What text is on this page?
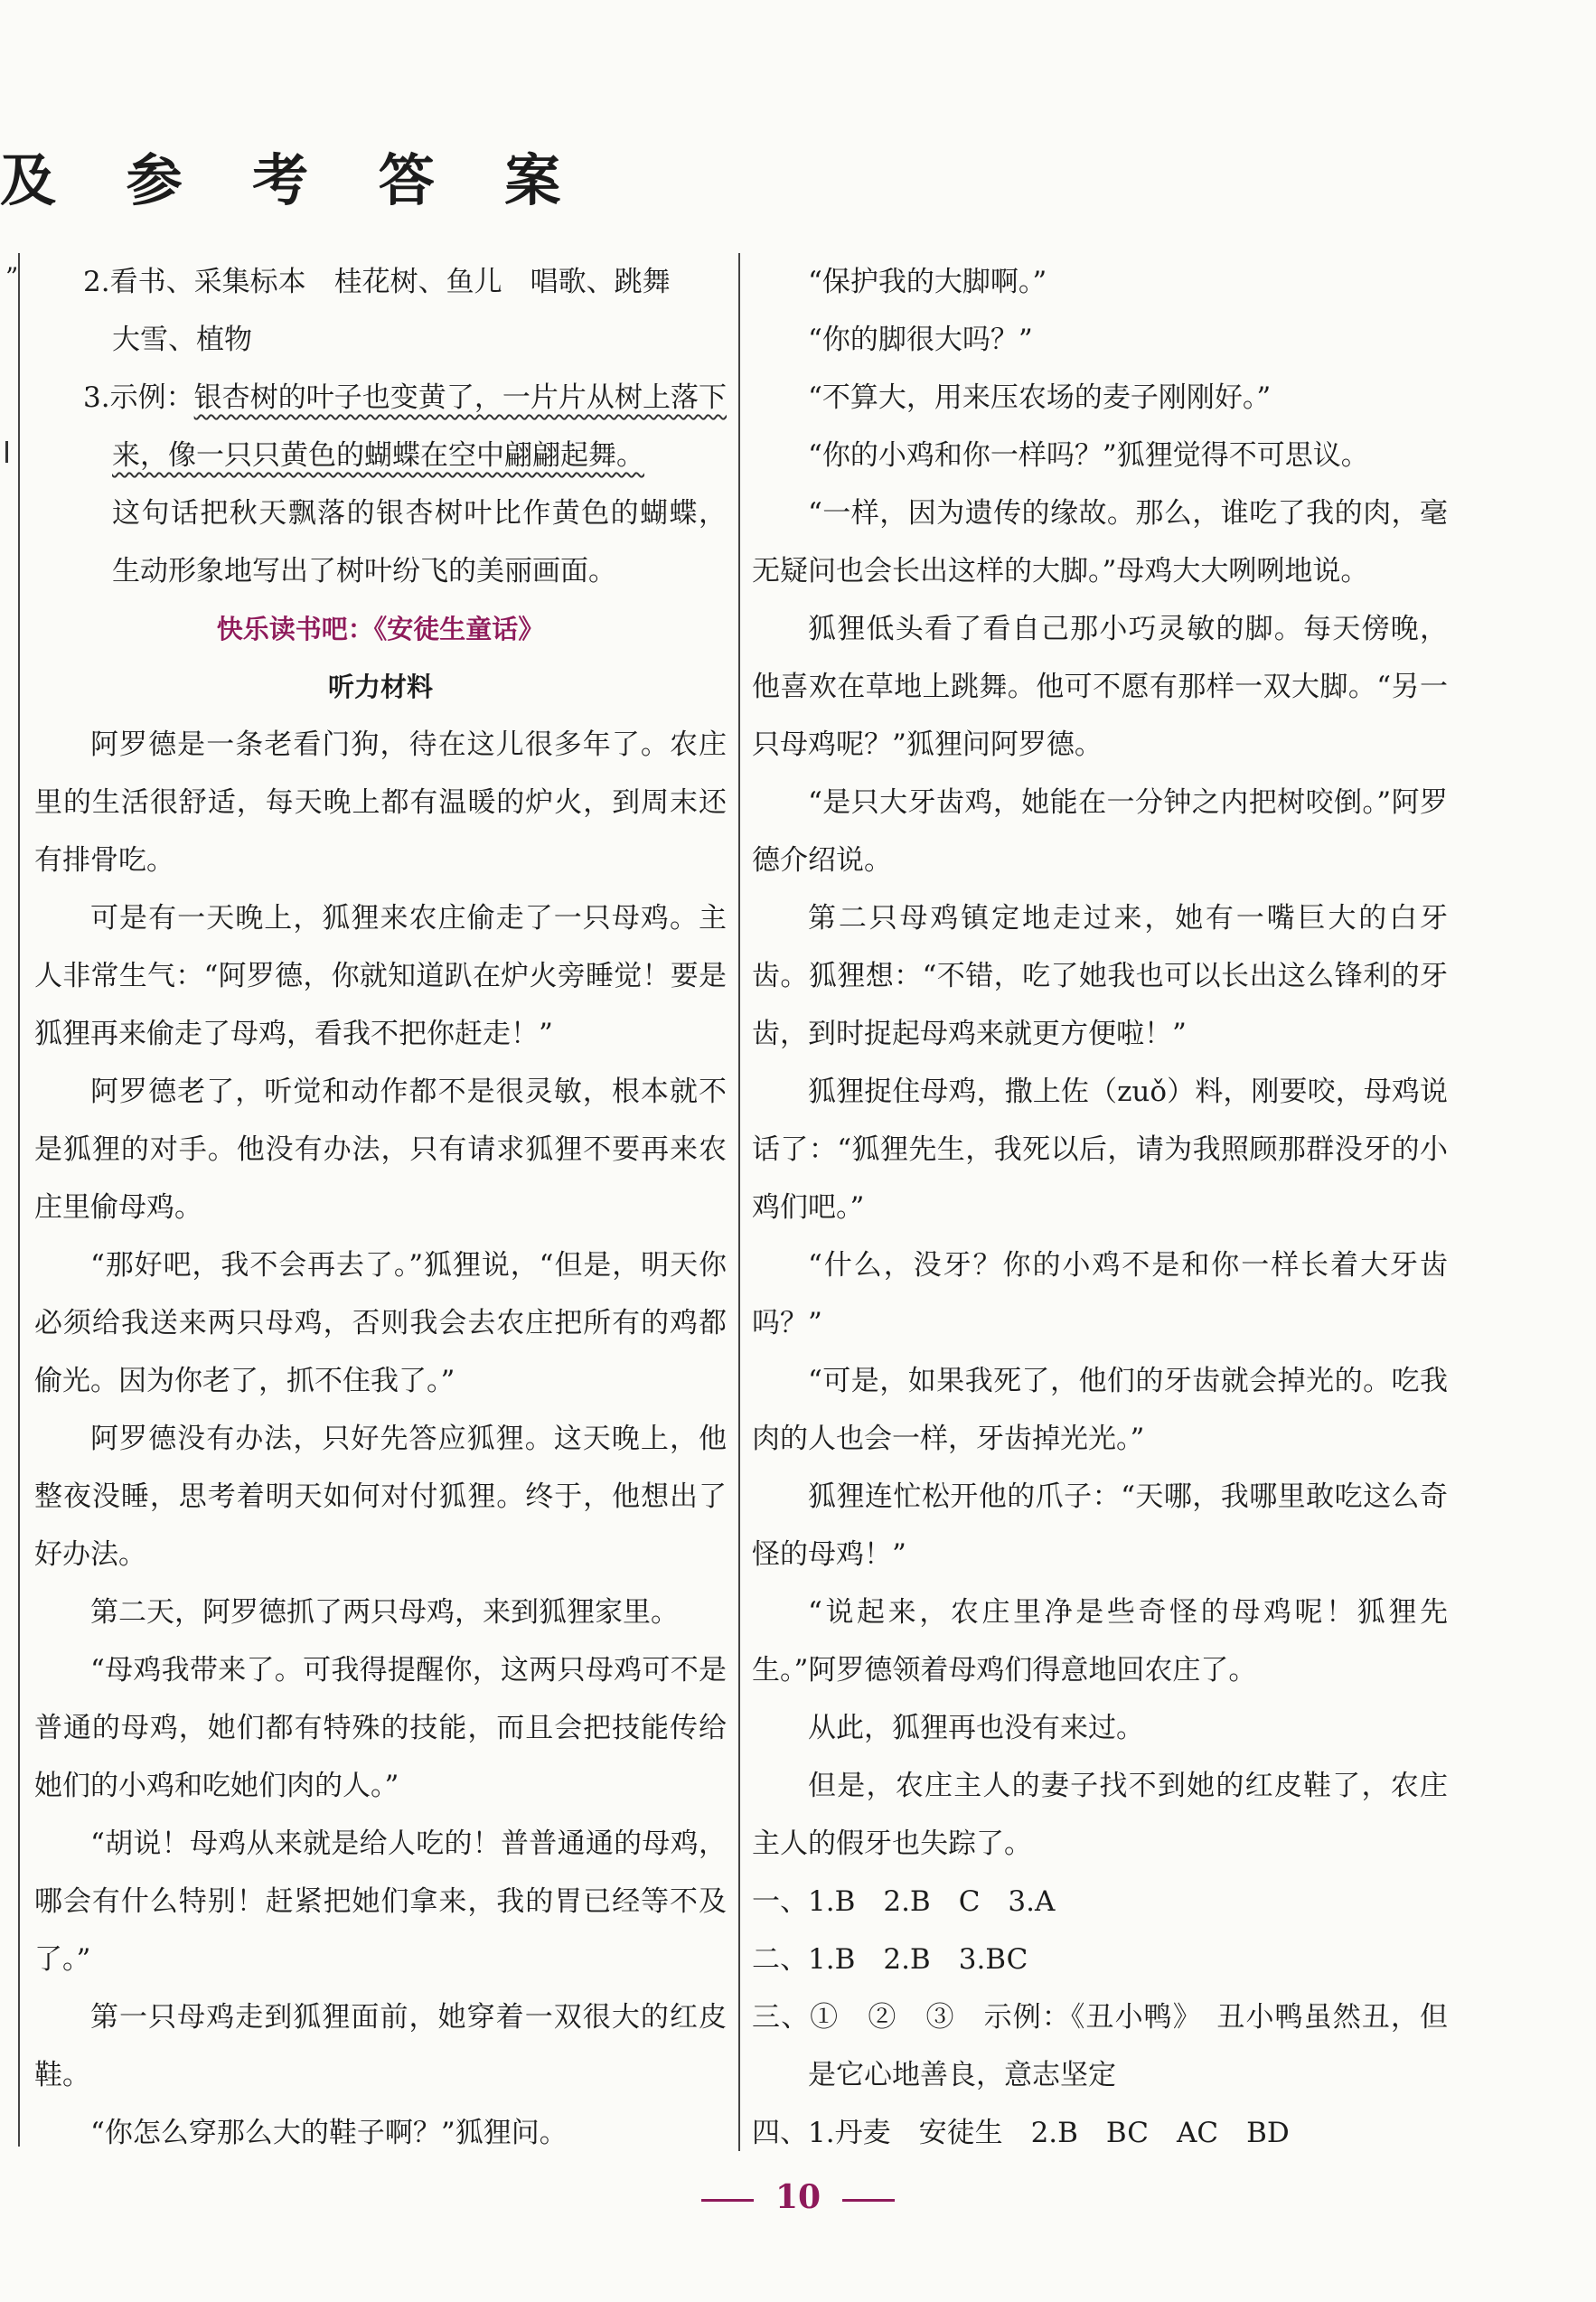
及 参 考 答 案
”	2.看书、采集标本　桂花树、鱼儿　唱歌、跳舞
大雪、植物

3.示例：银杏树的叶子也变黄了，一片片从树上落下来，像一只只黄色的蝴蝶在空中翩翩起舞。
这句话把秋天飘落的银杏树叶比作黄色的蝴蝶，生动形象地写出了树叶纷飞的美丽画面。

快乐读书吧：《安徒生童话》

听力材料

阿罗德是一条老看门狗，待在这儿很多年了。农庄里的生活很舒适，每天晚上都有温暖的炉火，到周末还有排骨吃。

可是有一天晚上，狐狸来农庄偷走了一只母鸡。主人非常生气：“阿罗德，你就知道趴在炉火旁睡觉！要是狐狸再来偷走了母鸡，看我不把你赶走！”

阿罗德老了，听觉和动作都不是很灵敏，根本就不是狐狸的对手。他没有办法，只有请求狐狸不要再来农庄里偷母鸡。

“那好吧，我不会再去了。”狐狸说，“但是，明天你必须给我送来两只母鸡，否则我会去农庄把所有的鸡都偷光。因为你老了，抓不住我了。”

阿罗德没有办法，只好先答应狐狸。这天晚上，他整夜没睡，思考着明天如何对付狐狸。终于，他想出了好办法。

第二天，阿罗德抓了两只母鸡，来到狐狸家里。

“母鸡我带来了。可我得提醒你，这两只母鸡可不是普通的母鸡，她们都有特殊的技能，而且会把技能传给她们的小鸡和吃她们肉的人。”

“胡说！母鸡从来就是给人吃的！普普通通的母鸡，哪会有什么特别！赶紧把她们拿来，我的胃已经等不及了。”

第一只母鸡走到狐狸面前，她穿着一双很大的红皮鞋。

“你怎么穿那么大的鞋子啊？”狐狸问。

“保护我的大脚啊。”

“你的脚很大吗？”

“不算大，用来压农场的麦子刚刚好。”

“你的小鸡和你一样吗？”狐狸觉得不可思议。

“一样，因为遗传的缘故。那么，谁吃了我的肉，毫无疑问也会长出这样的大脚。”母鸡大大咧咧地说。

狐狸低头看了看自己那小巧灵敏的脚。每天傍晚，他喜欢在草地上跳舞。他可不愿有那样一双大脚。“另一只母鸡呢？”狐狸问阿罗德。

“是只大牙齿鸡，她能在一分钟之内把树咬倒。”阿罗德介绍说。

第二只母鸡镇定地走过来，她有一嘴巨大的白牙齿。狐狸想：“不错，吃了她我也可以长出这么锋利的牙齿，到时捉起母鸡来就更方便啦！”

狐狸捉住母鸡，撒上佐（zuǒ）料，刚要咬，母鸡说话了：“狐狸先生，我死以后，请为我照顾那群没牙的小鸡们吧。”

“什么，没牙？你的小鸡不是和你一样长着大牙齿吗？”

“可是，如果我死了，他们的牙齿就会掉光的。吃我肉的人也会一样，牙齿掉光光。”

狐狸连忙松开他的爪子：“天哪，我哪里敢吃这么奇怪的母鸡！”

“说起来，农庄里净是些奇怪的母鸡呢！狐狸先生。”阿罗德领着母鸡们得意地回农庄了。

从此，狐狸再也没有来过。

但是，农庄主人的妻子找不到她的红皮鞋了，农庄主人的假牙也失踪了。

一、1.B　2.B　C　3.A

二、1.B　2.B　3.BC

三、①　②　③　示例：《丑小鸭》　丑小鸭虽然丑，但是它心地善良，意志坚定

四、1.丹麦　安徒生　2.B　BC　AC　BD

10
